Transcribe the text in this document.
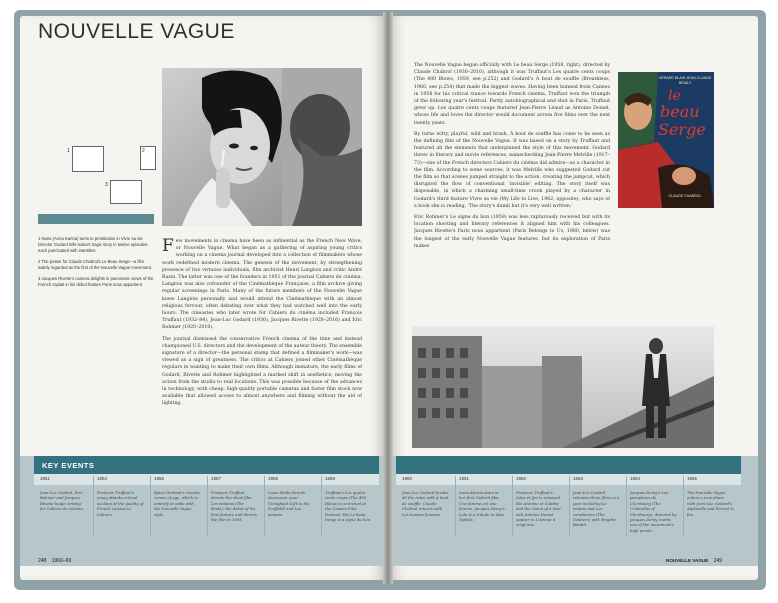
NOUVELLE VAGUE
1	2
3

1 Nana (Anna Karina) turns to prostitution in Vivre sa vie. Director Godard tells Nana's tragic story in twelve episodes each punctuated with intertitles.

2 The poster for Claude Chabrol's Le Beau Serge—a film widely regarded as the first of the Nouvelle Vague movement.

3 Jacques Rivette's camera delights in panoramic views of the French capital in his debut feature Paris nous appartient.

Few movements in cinema have been as influential as the French New Wave, or Nouvelle Vague. What began as a gathering of aspiring young critics working on a cinema journal developed into a collection of filmmakers whose work redefined modern cinema. The genesis of the movement, by strengthening presence of two virtuoso individuals, film archivist Henri Langlois and critic André Bazin. The latter was one of the founders in 1951 of the journal Cahiers du cinéma. Langlois was also cofounder of the Cinémathèque Française, a film archive giving regular screenings in Paris. Many of the future members of the Nouvelle Vague knew Langlois personally and would attend the Cinémathèque with an almost religious fervour, often debating over what they had watched well into the early hours. The cineastes who later wrote for Cahiers du cinéma included François Truffaut (1932–84), Jean-Luc Godard (1930), Jacques Rivette (1928–2016) and Eric Rohmer (1920–2010).

The journal dismissed the conservative French cinema of the time and instead championed U.S. directors and the development of the auteur theory. The ensemble signature of a director—the personal stamp that defined a filmmaker's work—was viewed as a sign of greatness. The critics at Cahiers joined other Cinémathèque regulars in wanting to make their own films. Although immature, the early films of Godard, Rivette and Rohmer highlighted a marked shift in aesthetics, moving the action from the studio to real locations. This was possible because of the advances in technology, with cheap, high-quality portable cameras and faster film stock now available that allowed access to almost anywhere and filming without the aid of lighting.

The Nouvelle Vague began officially with Le beau Serge (1958, right), directed by Claude Chabrol (1930–2010), although it was Truffaut's Les quatre cents coups (The 400 Blows, 1959, see p.252) and Godard's À bout de souffle (Breathless, 1960, see p.254) that made the biggest waves. Having been banned from Cannes in 1958 for his critical stance towards French cinema, Truffaut won the triumph of the following year's festival. Partly autobiographical and shot in Paris, Truffaut grew up. Les quatre cents coups featured Jean-Pierre Léaud as Antoine Doinel, whose life and loves the director would document across five films over the next twenty years.

By turns witty, playful, wild and brash, À bout de souffle has come to be seen as the defining film of the Nouvelle Vague. It was based on a story by Truffaut and featured all the elements that underpinned the style of this movement. Godard threw in literary and movie references, namechecking Jean-Pierre Melville (1917–73)—one of the French directors Cahiers du cinéma did admire—as a character in the film. According to some sources, it was Melville who suggested Godard cut the film so that scenes jumped straight to the action, creating the jumpcut, which disrupted the flow of conventional 'invisible' editing. The story itself was disposable, in which a charming small-time crook played by a character in Godard's third feature Vivre sa vie (My Life to Live, 1962, opposite), who says of a book she is reading, 'The story's dumb but it's very well written.'

Eric Rohmer's Le signe du lion (1959) was less rapturously received but with its location shooting and literary references it aligned him with his colleagues. Jacques Rivette's Paris nous appartient (Paris Belongs to Us, 1960, below) was the longest of the early Nouvelle Vague features, but its exploration of Paris makes

GÉRARD BLAIN JEAN-CLAUDE BRIALY
le
beau
Serge
CLAUDE CHABROL
KEY EVENTS
1951
Jean-Luc Godard, Eric Rohmer and Jacques Rivette begin writing for Cahiers du cinéma.
1954
François Truffaut's essay attacks critical acclaim of the quality of French cinema in Cahiers.
1956
Bytes Verbeek's cinema comes of age, which is entirely at odds with the Nouvelle Vague style.
1957
François Truffaut directs the short film Les mistons (The Brats), the debut of his first feature and directs the film in 1958.
1958
Louis Malle directs Ascenseur pour l'échafaud (Lift to the Scaffold) and Les amants.
1959
Truffaut's Les quatre cents coups (The 400 Blows) is screened at the Cannes Film Festival. His Le beau Serge is a signe du lion.
1960
Jean-Luc Godard breaks all the rules with À bout de souffle. Claude Chabrol returns with Les bonnes femmes.
1961
Anna Karina stars in her first Godard film, Une femme est une femme. Jacques Demy's Lola is a tribute to Max Ophüls.
1962
François Truffaut's Jules et Jim is released. His Antoine et Colette and the vision of a love-sick Antoine Doinel appear in L'Amour à vingt ans.
1963
Jean-Luc Godard releases three films in a year including Le mépris and Les carabiniers (The Soldiers) with Brigitte Bardot.
1964
Jacques Demy's Les parapluies de Cherbourg (The Umbrellas of Cherbourg), directed by Jacques Demy, marks one of the movement's high points.
1965
The Nouvelle Vague enters a new phase with Jean-Luc Godard's Alphaville and Pierrot le fou.
248 1960–69	NOUVELLE VAGUE 249
